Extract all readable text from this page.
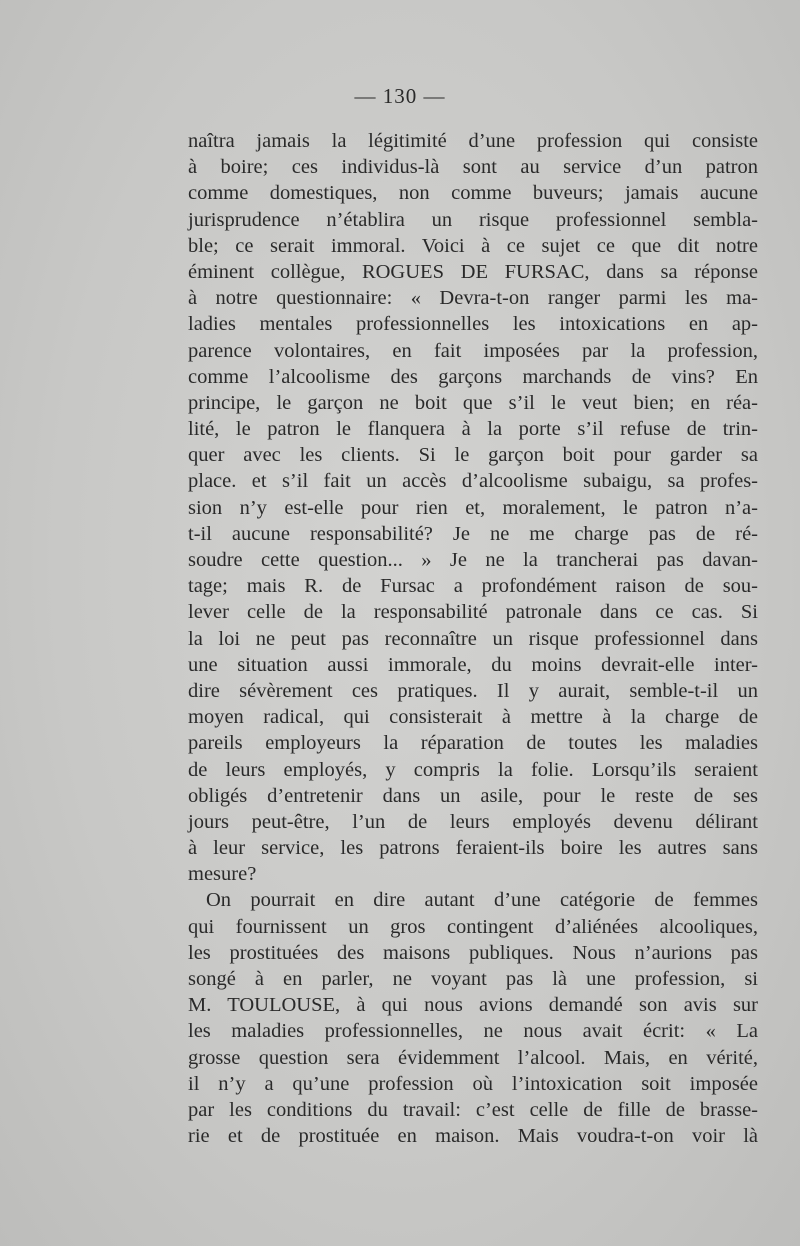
— 130 —
naîtra jamais la légitimité d’une profession qui consiste
à boire; ces individus-là sont au service d’un patron
comme domestiques, non comme buveurs; jamais aucune
jurisprudence n’établira un risque professionnel sembla-
ble; ce serait immoral. Voici à ce sujet ce que dit notre
éminent collègue, ROGUES DE FURSAC, dans sa réponse
à notre questionnaire: « Devra-t-on ranger parmi les ma-
ladies mentales professionnelles les intoxications en ap-
parence volontaires, en fait imposées par la profession,
comme l’alcoolisme des garçons marchands de vins? En
principe, le garçon ne boit que s’il le veut bien; en réa-
lité, le patron le flanquera à la porte s’il refuse de trin-
quer avec les clients. Si le garçon boit pour garder sa
place. et s’il fait un accès d’alcoolisme subaigu, sa profes-
sion n’y est-elle pour rien et, moralement, le patron n’a-
t-il aucune responsabilité? Je ne me charge pas de ré-
soudre cette question... » Je ne la trancherai pas davan-
tage; mais R. de Fursac a profondément raison de sou-
lever celle de la responsabilité patronale dans ce cas. Si
la loi ne peut pas reconnaître un risque professionnel dans
une situation aussi immorale, du moins devrait-elle inter-
dire sévèrement ces pratiques. Il y aurait, semble-t-il un
moyen radical, qui consisterait à mettre à la charge de
pareils employeurs la réparation de toutes les maladies
de leurs employés, y compris la folie. Lorsqu’ils seraient
obligés d’entretenir dans un asile, pour le reste de ses
jours peut-être, l’un de leurs employés devenu délirant
à leur service, les patrons feraient-ils boire les autres sans
mesure?
On pourrait en dire autant d’une catégorie de femmes
qui fournissent un gros contingent d’aliénées alcooliques,
les prostituées des maisons publiques. Nous n’aurions pas
songé à en parler, ne voyant pas là une profession, si
M. TOULOUSE, à qui nous avions demandé son avis sur
les maladies professionnelles, ne nous avait écrit: « La
grosse question sera évidemment l’alcool. Mais, en vérité,
il n’y a qu’une profession où l’intoxication soit imposée
par les conditions du travail: c’est celle de fille de brasse-
rie et de prostituée en maison. Mais voudra-t-on voir là
